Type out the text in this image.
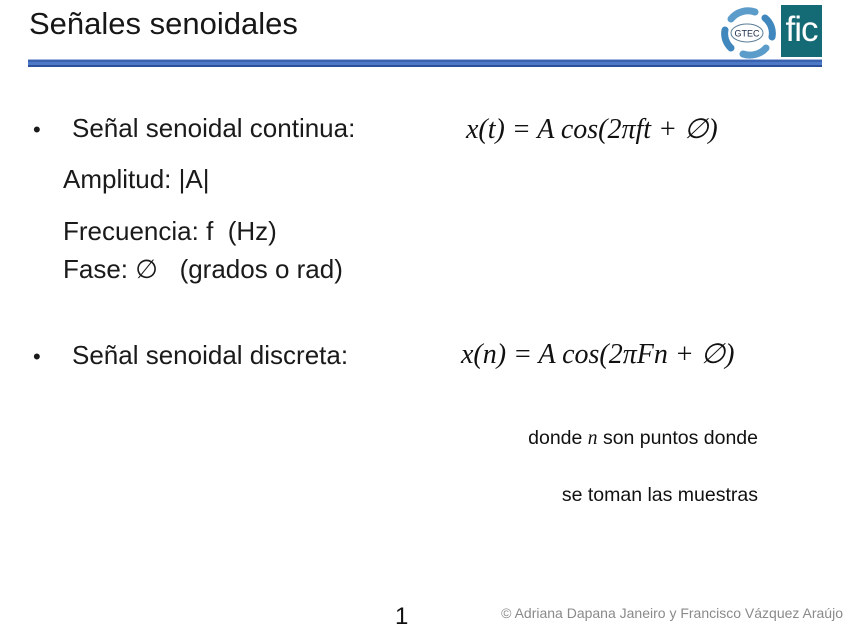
Señales senoidales	GTEC fic
• Señal senoidal continua:	x(t) = A cos(2πft + ∅)
Amplitud: |A|
Frecuencia: f  (Hz)
Fase: ∅   (grados o rad)
• Señal senoidal discreta:	x(n) = A cos(2πFn + ∅)

donde n son puntos donde

se toman las muestras

1	© Adriana Dapana Janeiro y Francisco Vázquez Araújo
